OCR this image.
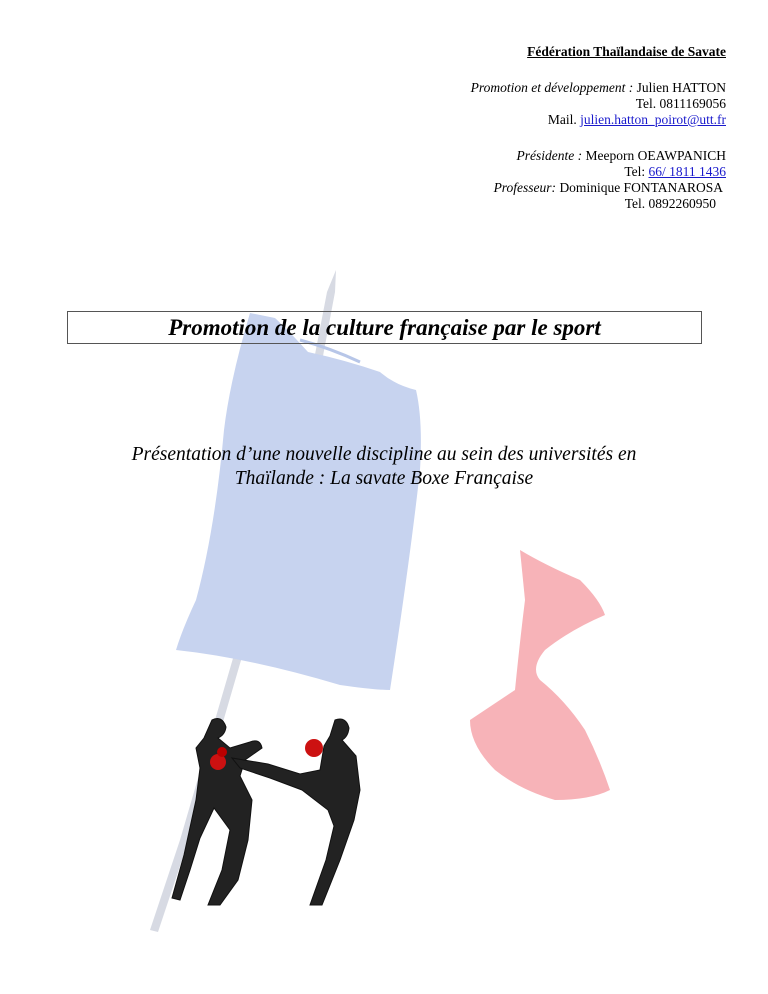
Fédération Thaïlandaise de Savate
Promotion et développement : Julien HATTON
Tel. 0811169056
Mail. julien.hatton_poirot@utt.fr
Présidente : Meeporn OEAWPANICH
Tel: 66/ 1811 1436
Professeur: Dominique FONTANAROSA
Tel. 0892260950
Promotion de la culture française par le sport
Présentation d’une nouvelle discipline au sein des universités en
Thaïlande : La savate Boxe Française
